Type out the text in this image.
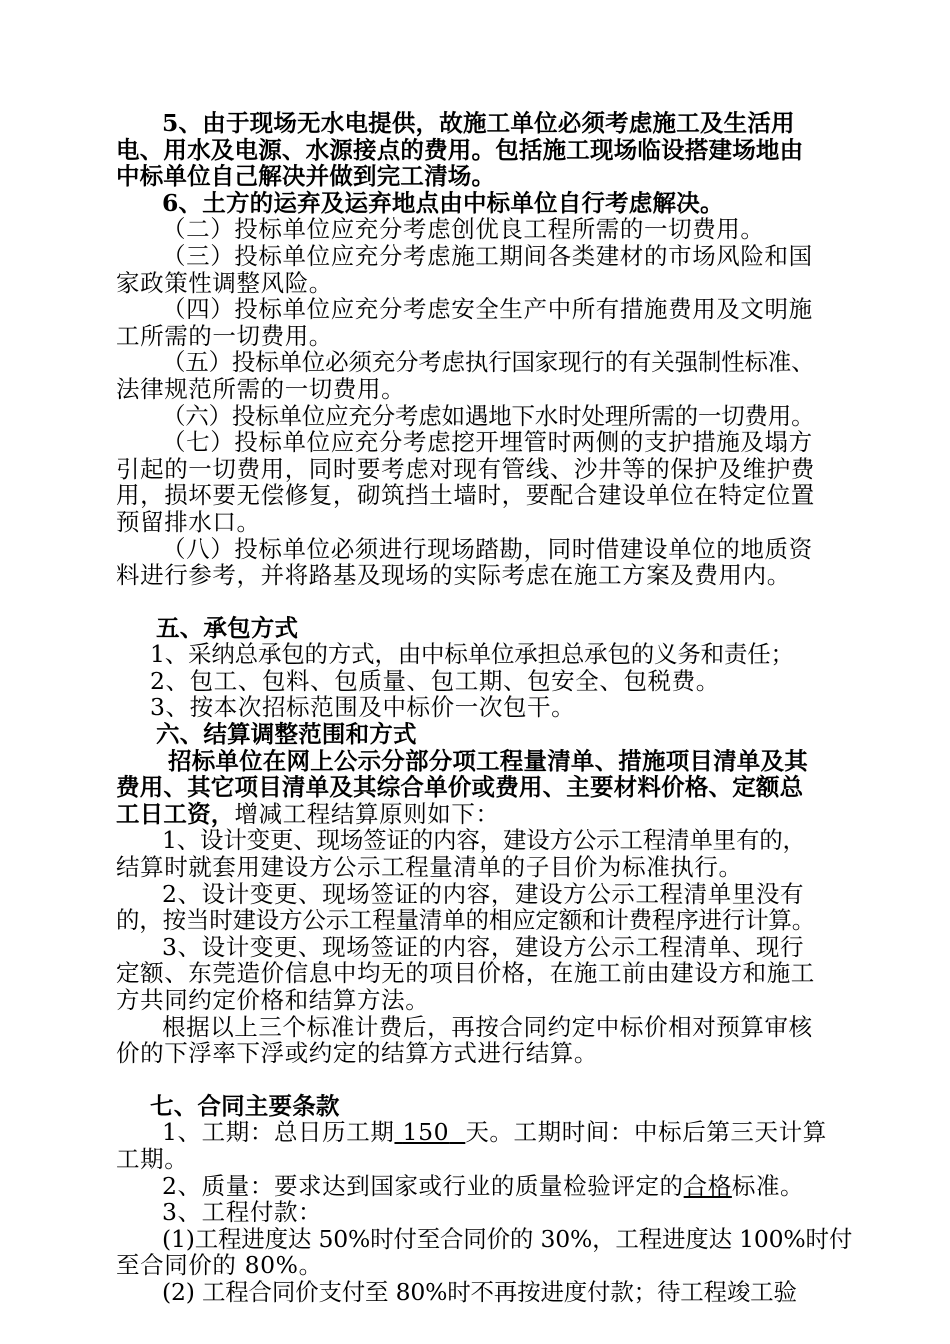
5、由于现场无水电提供，故施工单位必须考虑施工及生活用
电、用水及电源、水源接点的费用。包括施工现场临设搭建场地由
中标单位自己解决并做到完工清场。
6、土方的运弃及运弃地点由中标单位自行考虑解决。
（二）投标单位应充分考虑创优良工程所需的一切费用。
（三）投标单位应充分考虑施工期间各类建材的市场风险和国
家政策性调整风险。
（四）投标单位应充分考虑安全生产中所有措施费用及文明施
工所需的一切费用。
（五）投标单位必须充分考虑执行国家现行的有关强制性标准、
法律规范所需的一切费用。
（六）投标单位应充分考虑如遇地下水时处理所需的一切费用。
（七）投标单位应充分考虑挖开埋管时两侧的支护措施及塌方
引起的一切费用，同时要考虑对现有管线、沙井等的保护及维护费
用，损坏要无偿修复，砌筑挡土墙时，要配合建设单位在特定位置
预留排水口。
（八）投标单位必须进行现场踏勘，同时借建设单位的地质资
料进行参考，并将路基及现场的实际考虑在施工方案及费用内。
五、承包方式
1、采纳总承包的方式，由中标单位承担总承包的义务和责任；
2、包工、包料、包质量、包工期、包安全、包税费。
3、按本次招标范围及中标价一次包干。
六、结算调整范围和方式
招标单位在网上公示分部分项工程量清单、措施项目清单及其
费用、其它项目清单及其综合单价或费用、主要材料价格、定额总
工日工资，增减工程结算原则如下：
1、设计变更、现场签证的内容，建设方公示工程清单里有的，
结算时就套用建设方公示工程量清单的子目价为标准执行。
2、设计变更、现场签证的内容，建设方公示工程清单里没有
的，按当时建设方公示工程量清单的相应定额和计费程序进行计算。
3、设计变更、现场签证的内容，建设方公示工程清单、现行
定额、东莞造价信息中均无的项目价格，在施工前由建设方和施工
方共同约定价格和结算方法。
根据以上三个标准计费后，再按合同约定中标价相对预算审核
价的下浮率下浮或约定的结算方式进行结算。
七、合同主要条款
1、工期：总日历工期 150 天。工期时间：中标后第三天计算
工期。
2、质量：要求达到国家或行业的质量检验评定的合格标准。
3、工程付款：
(1)工程进度达 50%时付至合同价的 30%，工程进度达 100%时付
至合同价的 80%。
(2) 工程合同价支付至 80%时不再按进度付款；待工程竣工验
